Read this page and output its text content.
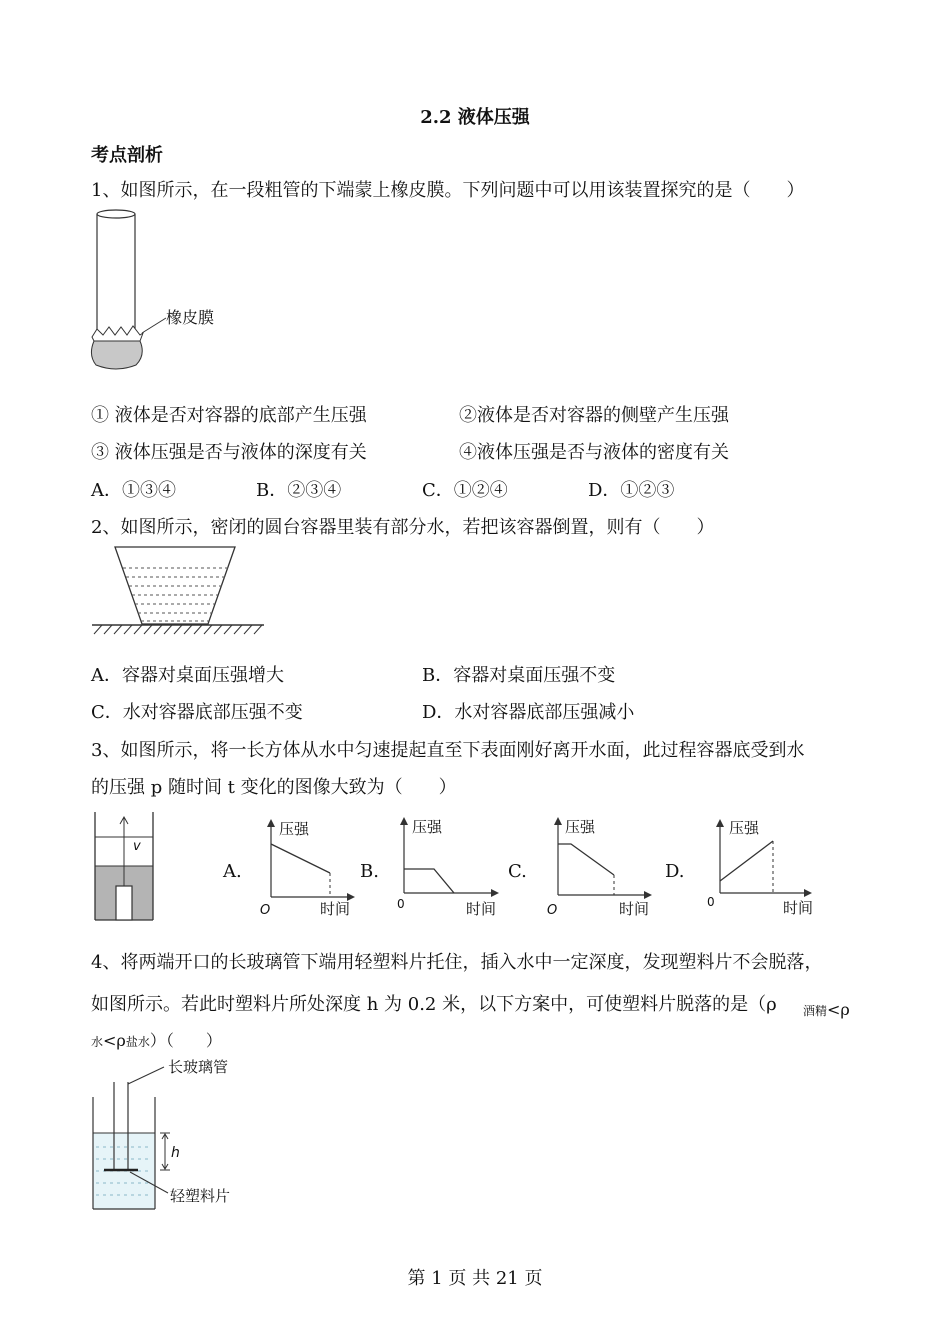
2.2 液体压强
考点剖析
1、如图所示，在一段粗管的下端蒙上橡皮膜。下列问题中可以用该装置探究的是（　　）
橡皮膜
① 液体是否对容器的底部产生压强	②液体是否对容器的侧壁产生压强
③ 液体压强是否与液体的深度有关	④液体压强是否与液体的密度有关
A．①③④	B．②③④	C．①②④	D．①②③
2、如图所示，密闭的圆台容器里装有部分水，若把该容器倒置，则有（　　）
A．容器对桌面压强增大	B．容器对桌面压强不变
C．水对容器底部压强不变	D．水对容器底部压强减小
3、如图所示，将一长方体从水中匀速提起直至下表面刚好离开水面，此过程容器底受到水
的压强 p 随时间 t 变化的图像大致为（　　）
v
A.
压强
时间
O
B.
压强
时间
0
C.
压强
时间
O
D.
压强
时间
0
4、将两端开口的长玻璃管下端用轻塑料片托住，插入水中一定深度，发现塑料片不会脱落，
如图所示。若此时塑料片所处深度 h 为 0.2 米，以下方案中，可使塑料片脱落的是（ρ
水<ρ盐水）（　　）
酒精<ρ
长玻璃管
h
轻塑料片
第 1 页 共 21 页
